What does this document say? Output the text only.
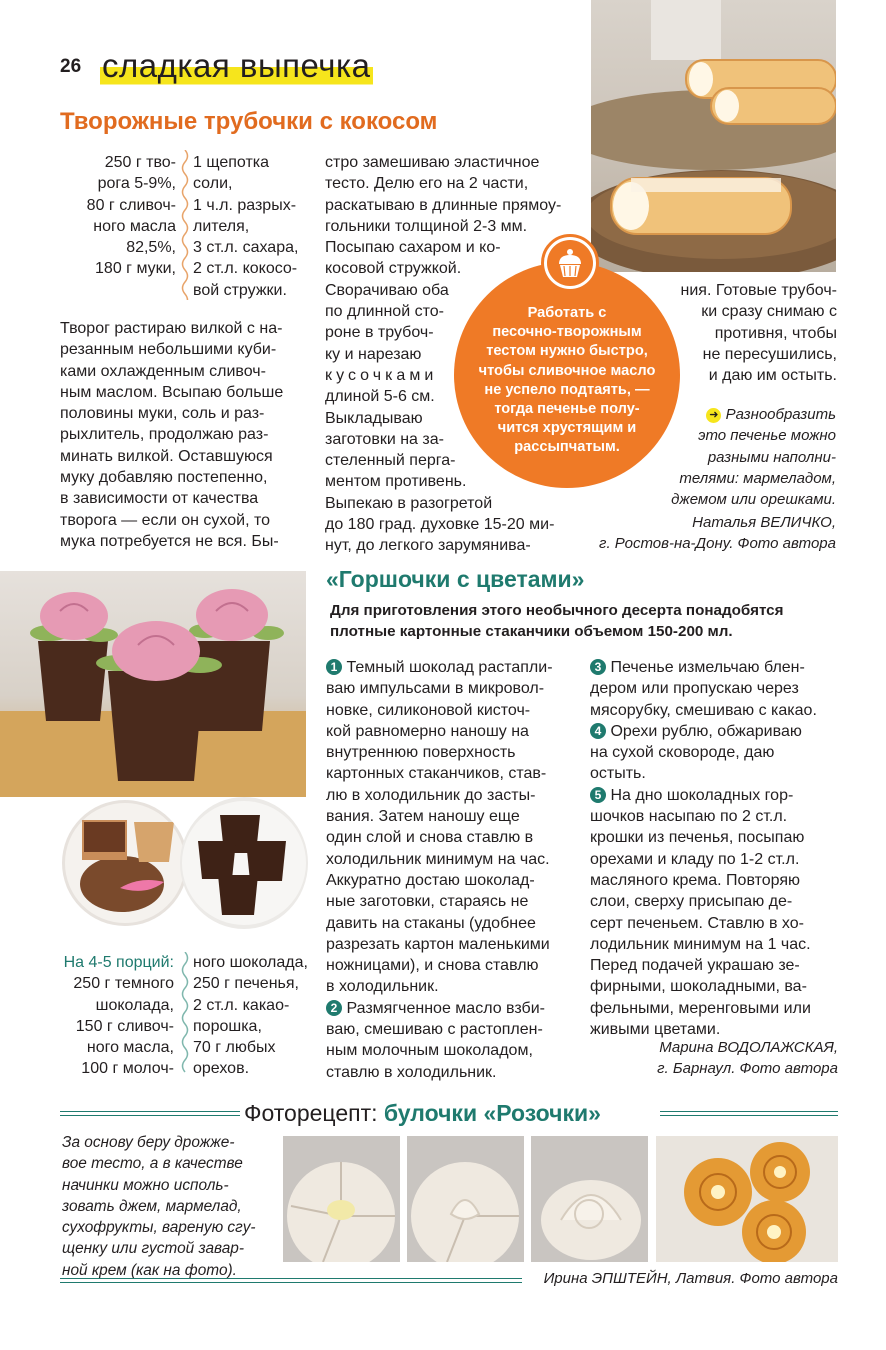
26 сладкая выпечка
Творожные трубочки с кокосом
250 г тво-
рога 5-9%,
80 г сливоч-
ного масла
82,5%,
180 г муки,
1 щепотка
соли,
1 ч.л. разрых-
лителя,
3 ст.л. сахара,
2 ст.л. кокосо-
вой стружки.
Творог растираю вилкой с на-
резанным небольшими куби-
ками охлажденным сливоч-
ным маслом. Всыпаю больше
половины муки, соль и раз-
рыхлитель, продолжаю раз-
минать вилкой. Оставшуюся
муку добавляю постепенно,
в зависимости от качества
творога — если он сухой, то
мука потребуется не вся. Бы-
стро замешиваю эластичное
тесто. Делю его на 2 части,
раскатываю в длинные прямоу-
гольники толщиной 2-3 мм.
Посыпаю сахаром и ко-
косовой стружкой.
Сворачиваю оба
по длинной сто-
роне в трубоч-
ку и нарезаю
кусочками
длиной 5-6 см.
Выкладываю
заготовки на за-
стеленный перга-
ментом противень.
Выпекаю в разогретой
до 180 град. духовке 15-20 ми-
нут, до легкого зарумянива-
Работать с
песочно-творожным
тестом нужно быстро,
чтобы сливочное масло
не успело подтаять, —
тогда печенье полу-
чится хрустящим и
рассыпчатым.
ния. Готовые трубоч-
ки сразу снимаю с
противня, чтобы
не пересушились,
и даю им остыть.
➜ Разнообразить
это печенье можно
разными наполни-
телями: мармеладом,
джемом или орешками.
Наталья ВЕЛИЧКО,
г. Ростов-на-Дону. Фото автора
«Горшочки с цветами»
Для приготовления этого необычного десерта понадобятся
плотные картонные стаканчики объемом 150-200 мл.
1 Темный шоколад растапли-
ваю импульсами в микровол-
новке, силиконовой кисточ-
кой равномерно наношу на
внутреннюю поверхность
картонных стаканчиков, став-
лю в холодильник до засты-
вания. Затем наношу еще
один слой и снова ставлю в
холодильник минимум на час.
Аккуратно достаю шоколад-
ные заготовки, стараясь не
давить на стаканы (удобнее
разрезать картон маленькими
ножницами), и снова ставлю
в холодильник.
2 Размягченное масло взби-
ваю, смешиваю с растоплен-
ным молочным шоколадом,
ставлю в холодильник.
3 Печенье измельчаю блен-
дером или пропускаю через
мясорубку, смешиваю с какао.
4 Орехи рублю, обжариваю
на сухой сковороде, даю
остыть.
5 На дно шоколадных гор-
шочков насыпаю по 2 ст.л.
крошки из печенья, посыпаю
орехами и кладу по 1-2 ст.л.
масляного крема. Повторяю
слои, сверху присыпаю де-
серт печеньем. Ставлю в хо-
лодильник минимум на 1 час.
Перед подачей украшаю зе-
фирными, шоколадными, ва-
фельными, меренговыми или
живыми цветами.
Марина ВОДОЛАЖСКАЯ,
г. Барнаул. Фото автора
На 4-5 порций:
250 г темного
шоколада,
150 г сливоч-
ного масла,
100 г молоч-
ного шоколада,
250 г печенья,
2 ст.л. какао-
порошка,
70 г любых
орехов.
Фоторецепт: булочки «Розочки»
За основу беру дрожже-
вое тесто, а в качестве
начинки можно исполь-
зовать джем, мармелад,
сухофрукты, вареную сгу-
щенку или густой завар-
ной крем (как на фото).	Ирина ЭПШТЕЙН, Латвия. Фото автора
